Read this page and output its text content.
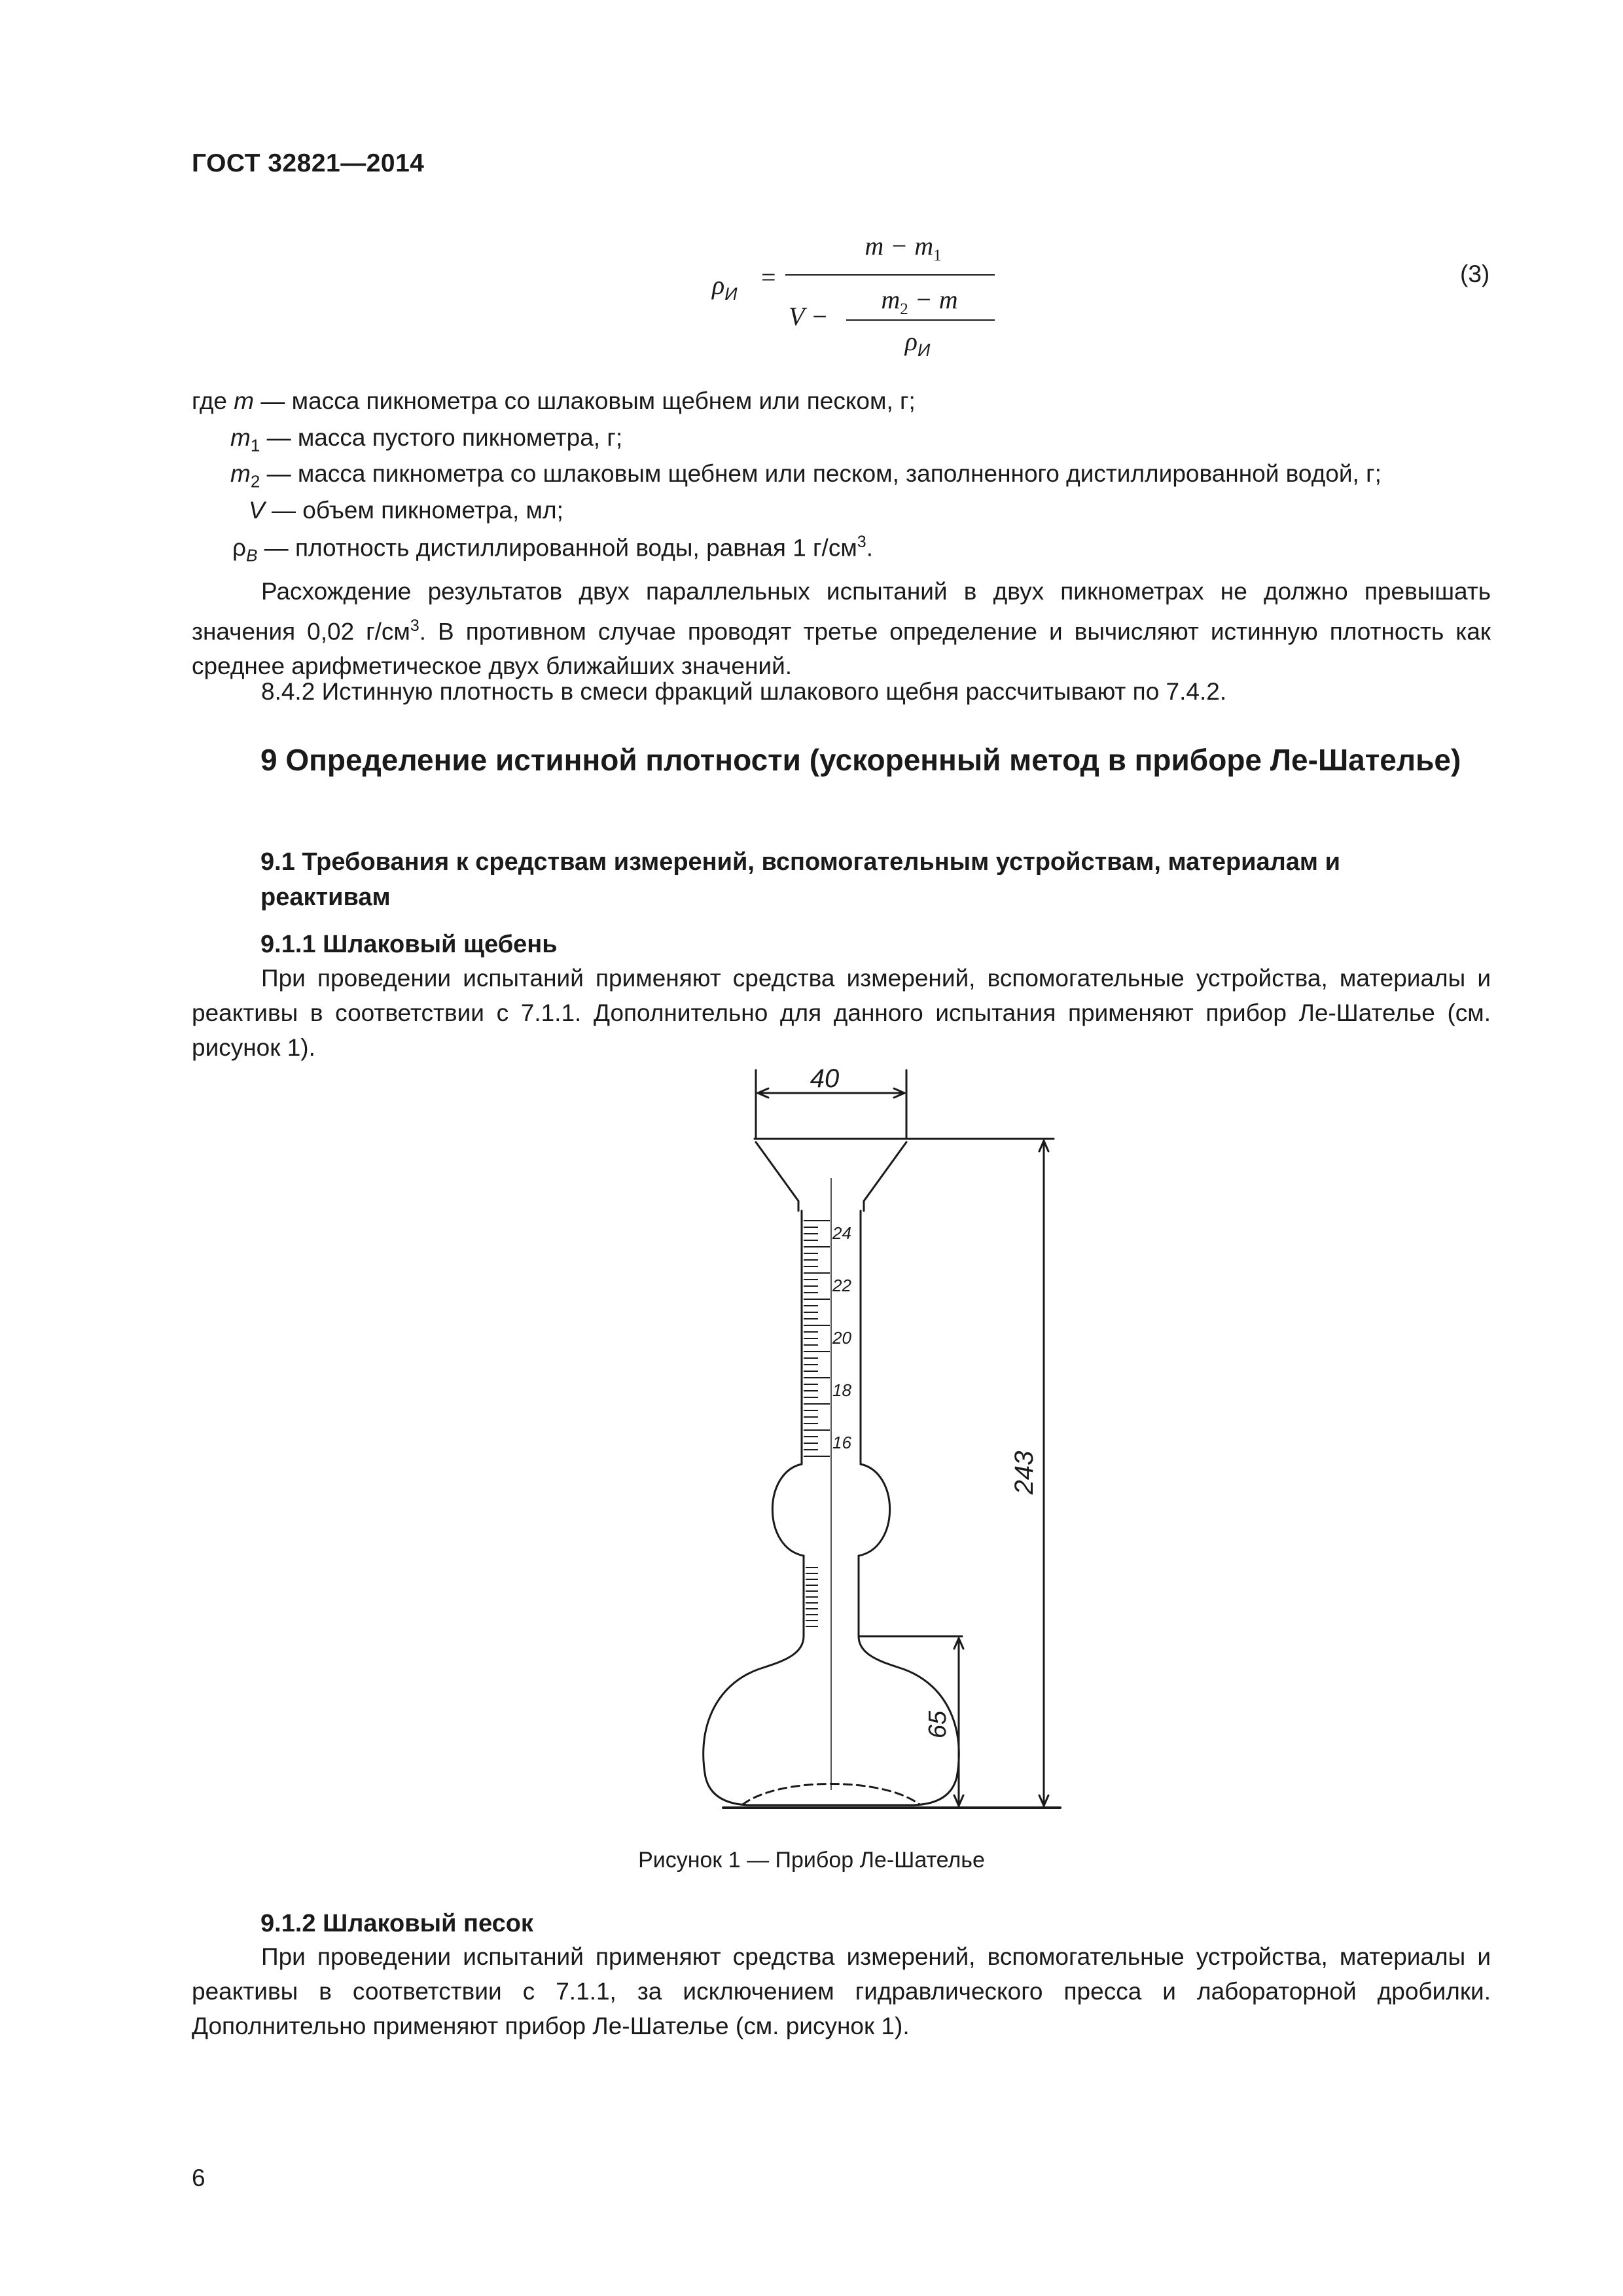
ГОСТ 32821—2014
$\rho_И$
=
$m - m_1$
V −
$m_2 - m$
$\rho_И$
(3)
где m — масса пикнометра со шлаковым щебнем или песком, г;
$m_1$ — масса пустого пикнометра, г;
$m_2$ — масса пикнометра со шлаковым щебнем или песком, заполненного дистиллированной водой, г;
V — объем пикнометра, мл;
$\rho_В$ — плотность дистиллированной воды, равная 1 $г/см^3$.
Расхождение результатов двух параллельных испытаний в двух пикнометрах не должно превышать значения 0,02 $г/см^3$. В противном случае проводят третье определение и вычисляют истинную плотность как среднее арифметическое двух ближайших значений.
8.4.2 Истинную плотность в смеси фракций шлакового щебня рассчитывают по 7.4.2.
9 Определение истинной плотности (ускоренный метод в приборе Ле-Шателье)
9.1 Требования к средствам измерений, вспомогательным устройствам, материалам и реактивам
9.1.1 Шлаковый щебень
При проведении испытаний применяют средства измерений, вспомогательные устройства, материалы и реактивы в соответствии с 7.1.1. Дополнительно для данного испытания применяют прибор Ле-Шателье (см. рисунок 1).
40
243
65
24
22
20
18
16
Рисунок 1 — Прибор Ле-Шателье
9.1.2 Шлаковый песок
При проведении испытаний применяют средства измерений, вспомогательные устройства, материалы и реактивы в соответствии с 7.1.1, за исключением гидравлического пресса и лабораторной дробилки. Дополнительно применяют прибор Ле-Шателье (см. рисунок 1).
6
